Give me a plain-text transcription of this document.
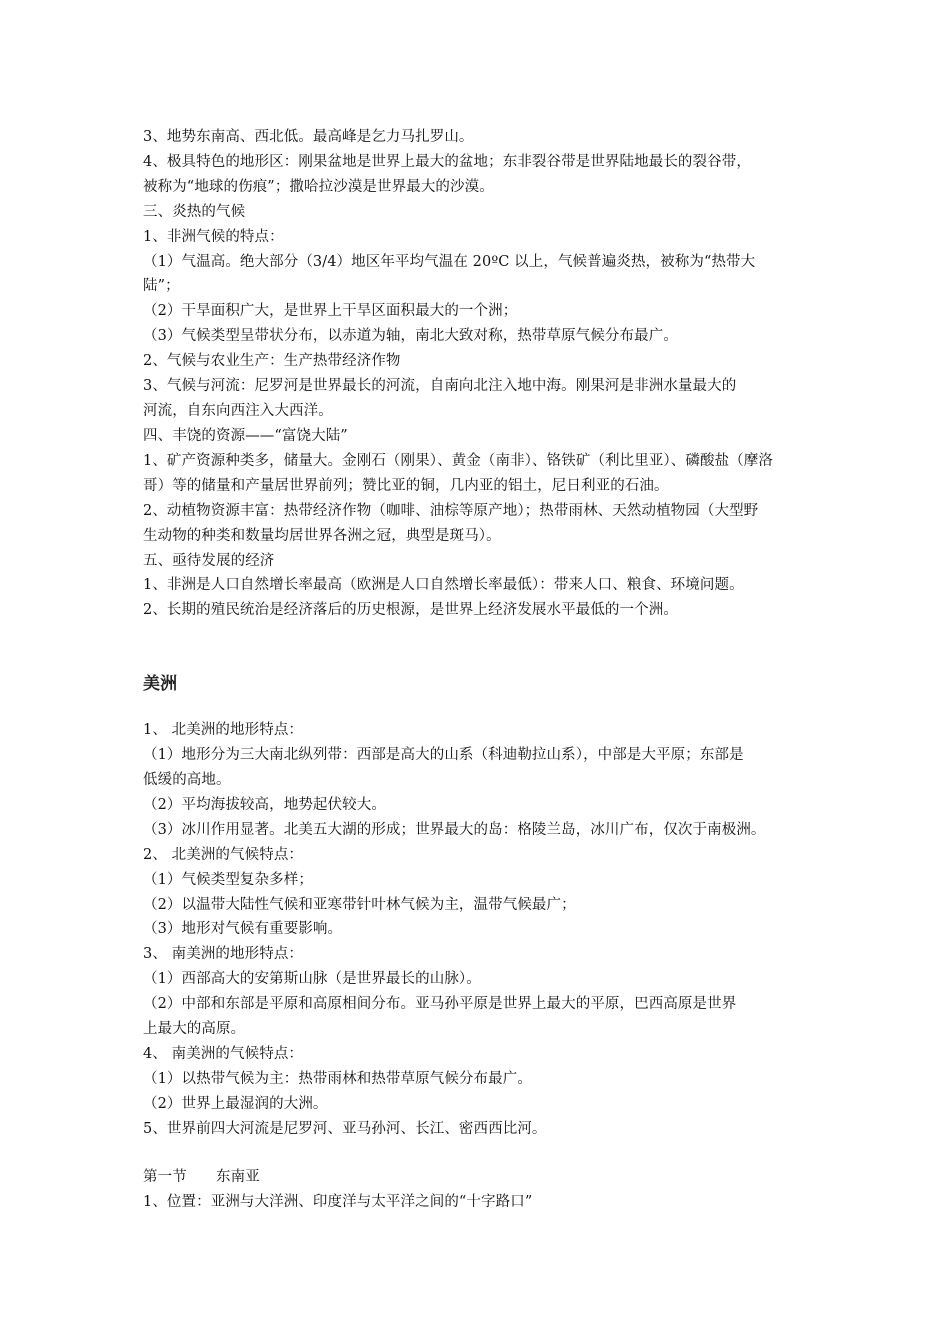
3、地势东南高、西北低。最高峰是乞力马扎罗山。
4、极具特色的地形区：刚果盆地是世界上最大的盆地；东非裂谷带是世界陆地最长的裂谷带，
被称为“地球的伤痕”；撒哈拉沙漠是世界最大的沙漠。
三、炎热的气候
1、非洲气候的特点：
（1）气温高。绝大部分（3/4）地区年平均气温在 20ºC 以上，气候普遍炎热，被称为“热带大
陆”；
（2）干旱面积广大，是世界上干旱区面积最大的一个洲；
（3）气候类型呈带状分布，以赤道为轴，南北大致对称，热带草原气候分布最广。
2、气候与农业生产：生产热带经济作物
3、气候与河流：尼罗河是世界最长的河流，自南向北注入地中海。刚果河是非洲水量最大的
河流，自东向西注入大西洋。
四、丰饶的资源——“富饶大陆”
1、矿产资源种类多，储量大。金刚石（刚果）、黄金（南非）、铬铁矿（利比里亚）、磷酸盐（摩洛
哥）等的储量和产量居世界前列；赞比亚的铜，几内亚的铝土，尼日利亚的石油。
2、动植物资源丰富：热带经济作物（咖啡、油棕等原产地）；热带雨林、天然动植物园（大型野
生动物的种类和数量均居世界各洲之冠，典型是斑马）。
五、亟待发展的经济
1、非洲是人口自然增长率最高（欧洲是人口自然增长率最低）：带来人口、粮食、环境问题。
2、长期的殖民统治是经济落后的历史根源，是世界上经济发展水平最低的一个洲。
美洲
1、 北美洲的地形特点：
（1）地形分为三大南北纵列带：西部是高大的山系（科迪勒拉山系），中部是大平原；东部是
低缓的高地。
（2）平均海拔较高，地势起伏较大。
（3）冰川作用显著。北美五大湖的形成；世界最大的岛：格陵兰岛，冰川广布，仅次于南极洲。
2、 北美洲的气候特点：
（1）气候类型复杂多样；
（2）以温带大陆性气候和亚寒带针叶林气候为主，温带气候最广；
（3）地形对气候有重要影响。
3、 南美洲的地形特点：
（1）西部高大的安第斯山脉（是世界最长的山脉）。
（2）中部和东部是平原和高原相间分布。亚马孙平原是世界上最大的平原，巴西高原是世界
上最大的高原。
4、 南美洲的气候特点：
（1）以热带气候为主：热带雨林和热带草原气候分布最广。
（2）世界上最湿润的大洲。
5、世界前四大河流是尼罗河、亚马孙河、长江、密西西比河。
第一节　　东南亚
1、位置：亚洲与大洋洲、印度洋与太平洋之间的“十字路口”
